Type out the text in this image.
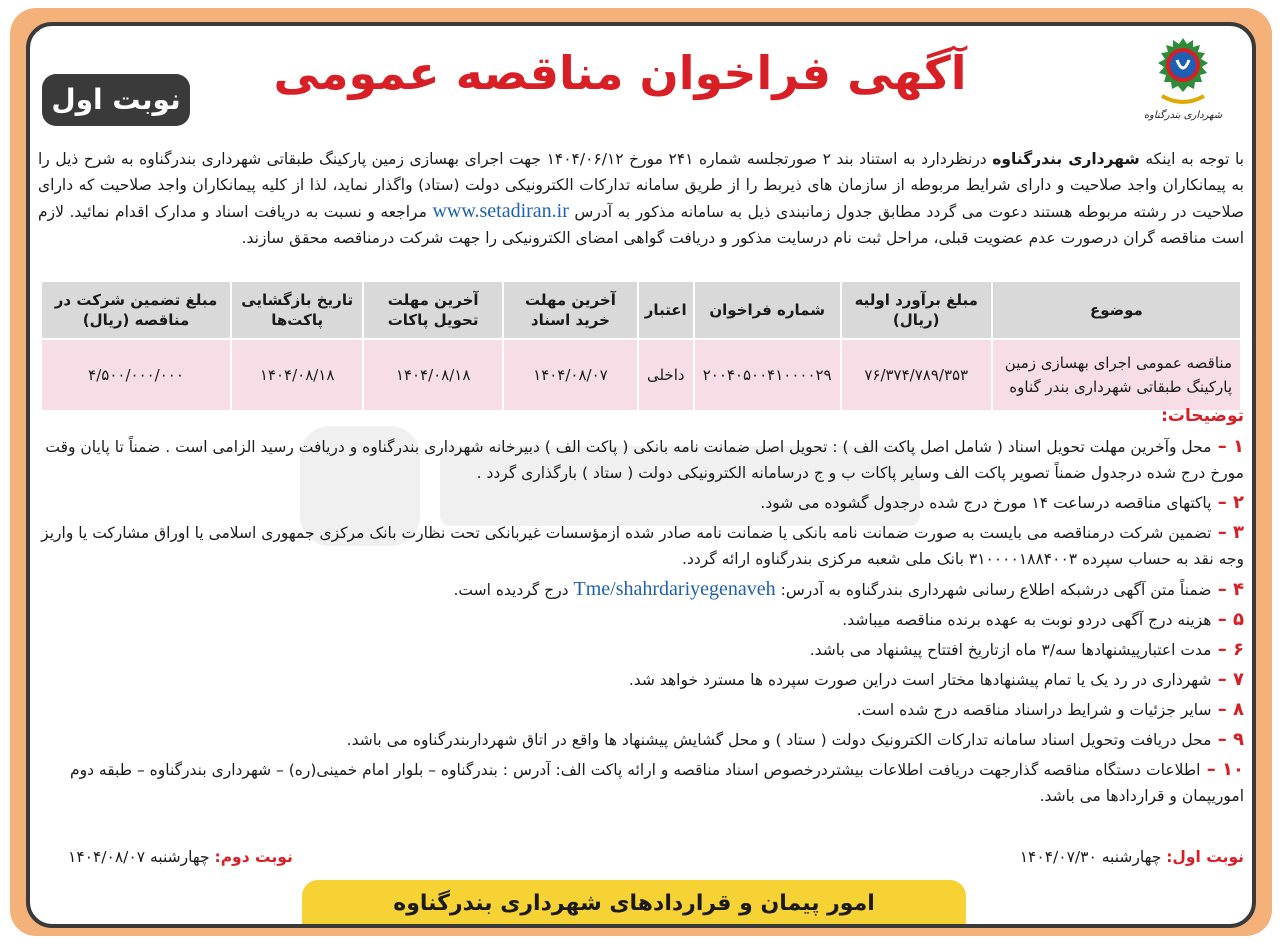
شهرداری بندرگناوه
آگهی فراخوان مناقصه عمومی
نوبت اول
با توجه به اینکه شهرداری بندرگناوه درنظردارد به استناد بند ۲ صورتجلسه شماره ۲۴۱ مورخ ۱۴۰۴/۰۶/۱۲ جهت اجرای بهسازی زمین پارکینگ طبقاتی شهرداری بندرگناوه به شرح ذیل را به پیمانکاران واجد صلاحیت و دارای شرایط مربوطه از سازمان های ذیربط را از طریق سامانه تدارکات الکترونیکی دولت (ستاد) واگذار نماید، لذا از کلیه پیمانکاران واجد صلاحیت که دارای صلاحیت در رشته مربوطه هستند دعوت می گردد مطابق جدول زمانبندی ذیل به سامانه مذکور به آدرس www.setadiran.ir مراجعه و نسبت به دریافت اسناد و مدارک اقدام نمائید. لازم است مناقصه گران درصورت عدم عضویت قبلی، مراحل ثبت نام درسایت مذکور و دریافت گواهی امضای الکترونیکی را جهت شرکت درمناقصه محقق سازند.
موضوع	مبلغ برآورد اولیه (ریال)	شماره فراخوان	اعتبار	آخرین مهلت خرید اسناد	آخرین مهلت تحویل پاکات	تاریخ بازگشایی پاکت‌ها	مبلغ تضمین شرکت در مناقصه (ریال)
مناقصه عمومی اجرای بهسازی زمین پارکینگ طبقاتی شهرداری بندر گناوه	۷۶/۳۷۴/۷۸۹/۳۵۳	۲۰۰۴۰۵۰۰۴۱۰۰۰۰۲۹	داخلی	۱۴۰۴/۰۸/۰۷	۱۴۰۴/۰۸/۱۸	۱۴۰۴/۰۸/۱۸	۴/۵۰۰/۰۰۰/۰۰۰
توضیحات:
۱ – محل وآخرین مهلت تحویل اسناد ( شامل اصل پاکت الف ) : تحویل اصل ضمانت نامه بانکی ( پاکت الف ) دبیرخانه شهرداری بندرگناوه و دریافت رسید الزامی است . ضمناً تا پایان وقت مورخ درج شده درجدول ضمناً تصویر پاکت الف وسایر پاکات ب و ج درسامانه الکترونیکی دولت ( ستاد ) بارگذاری گردد .
۲ – پاکتهای مناقصه درساعت ۱۴ مورخ درج شده درجدول گشوده می شود.
۳ – تضمین شرکت درمناقصه می بایست به صورت ضمانت نامه بانکی یا ضمانت نامه صادر شده ازمؤسسات غیربانکی تحت نظارت بانک مرکزی جمهوری اسلامی یا اوراق مشارکت یا واریز وجه نقد به حساب سپرده ۳۱۰۰۰۰۱۸۸۴۰۰۳ بانک ملی شعبه مرکزی بندرگناوه ارائه گردد.
۴ – ضمناً متن آگهی درشبکه اطلاع رسانی شهرداری بندرگناوه به آدرس: Tme/shahrdariyegenaveh درج گردیده است.
۵ – هزینه درج آگهی دردو نوبت به عهده برنده مناقصه میباشد.
۶ – مدت اعتبارپیشنهادها سه/۳ ماه ازتاریخ افتتاح پیشنهاد می باشد.
۷ – شهرداری در رد یک یا تمام پیشنهادها مختار است دراین صورت سپرده ها مسترد خواهد شد.
۸ – سایر جزئیات و شرایط دراسناد مناقصه درج شده است.
۹ – محل دریافت وتحویل اسناد سامانه تدارکات الکترونیک دولت ( ستاد ) و محل گشایش پیشنهاد ها واقع در اتاق شهرداربندرگناوه می باشد.
۱۰ – اطلاعات دستگاه مناقصه گذارجهت دریافت اطلاعات بیشتردرخصوص اسناد مناقصه و ارائه پاکت الف: آدرس : بندرگناوه – بلوار امام خمینی(ره) – شهرداری بندرگناوه – طبقه دوم اموریپمان و قراردادها می باشد.
نوبت اول: چهارشنبه ۱۴۰۴/۰۷/۳۰
نوبت دوم: چهارشنبه ۱۴۰۴/۰۸/۰۷
امور پیمان و قراردادهای شهرداری بندرگناوه
